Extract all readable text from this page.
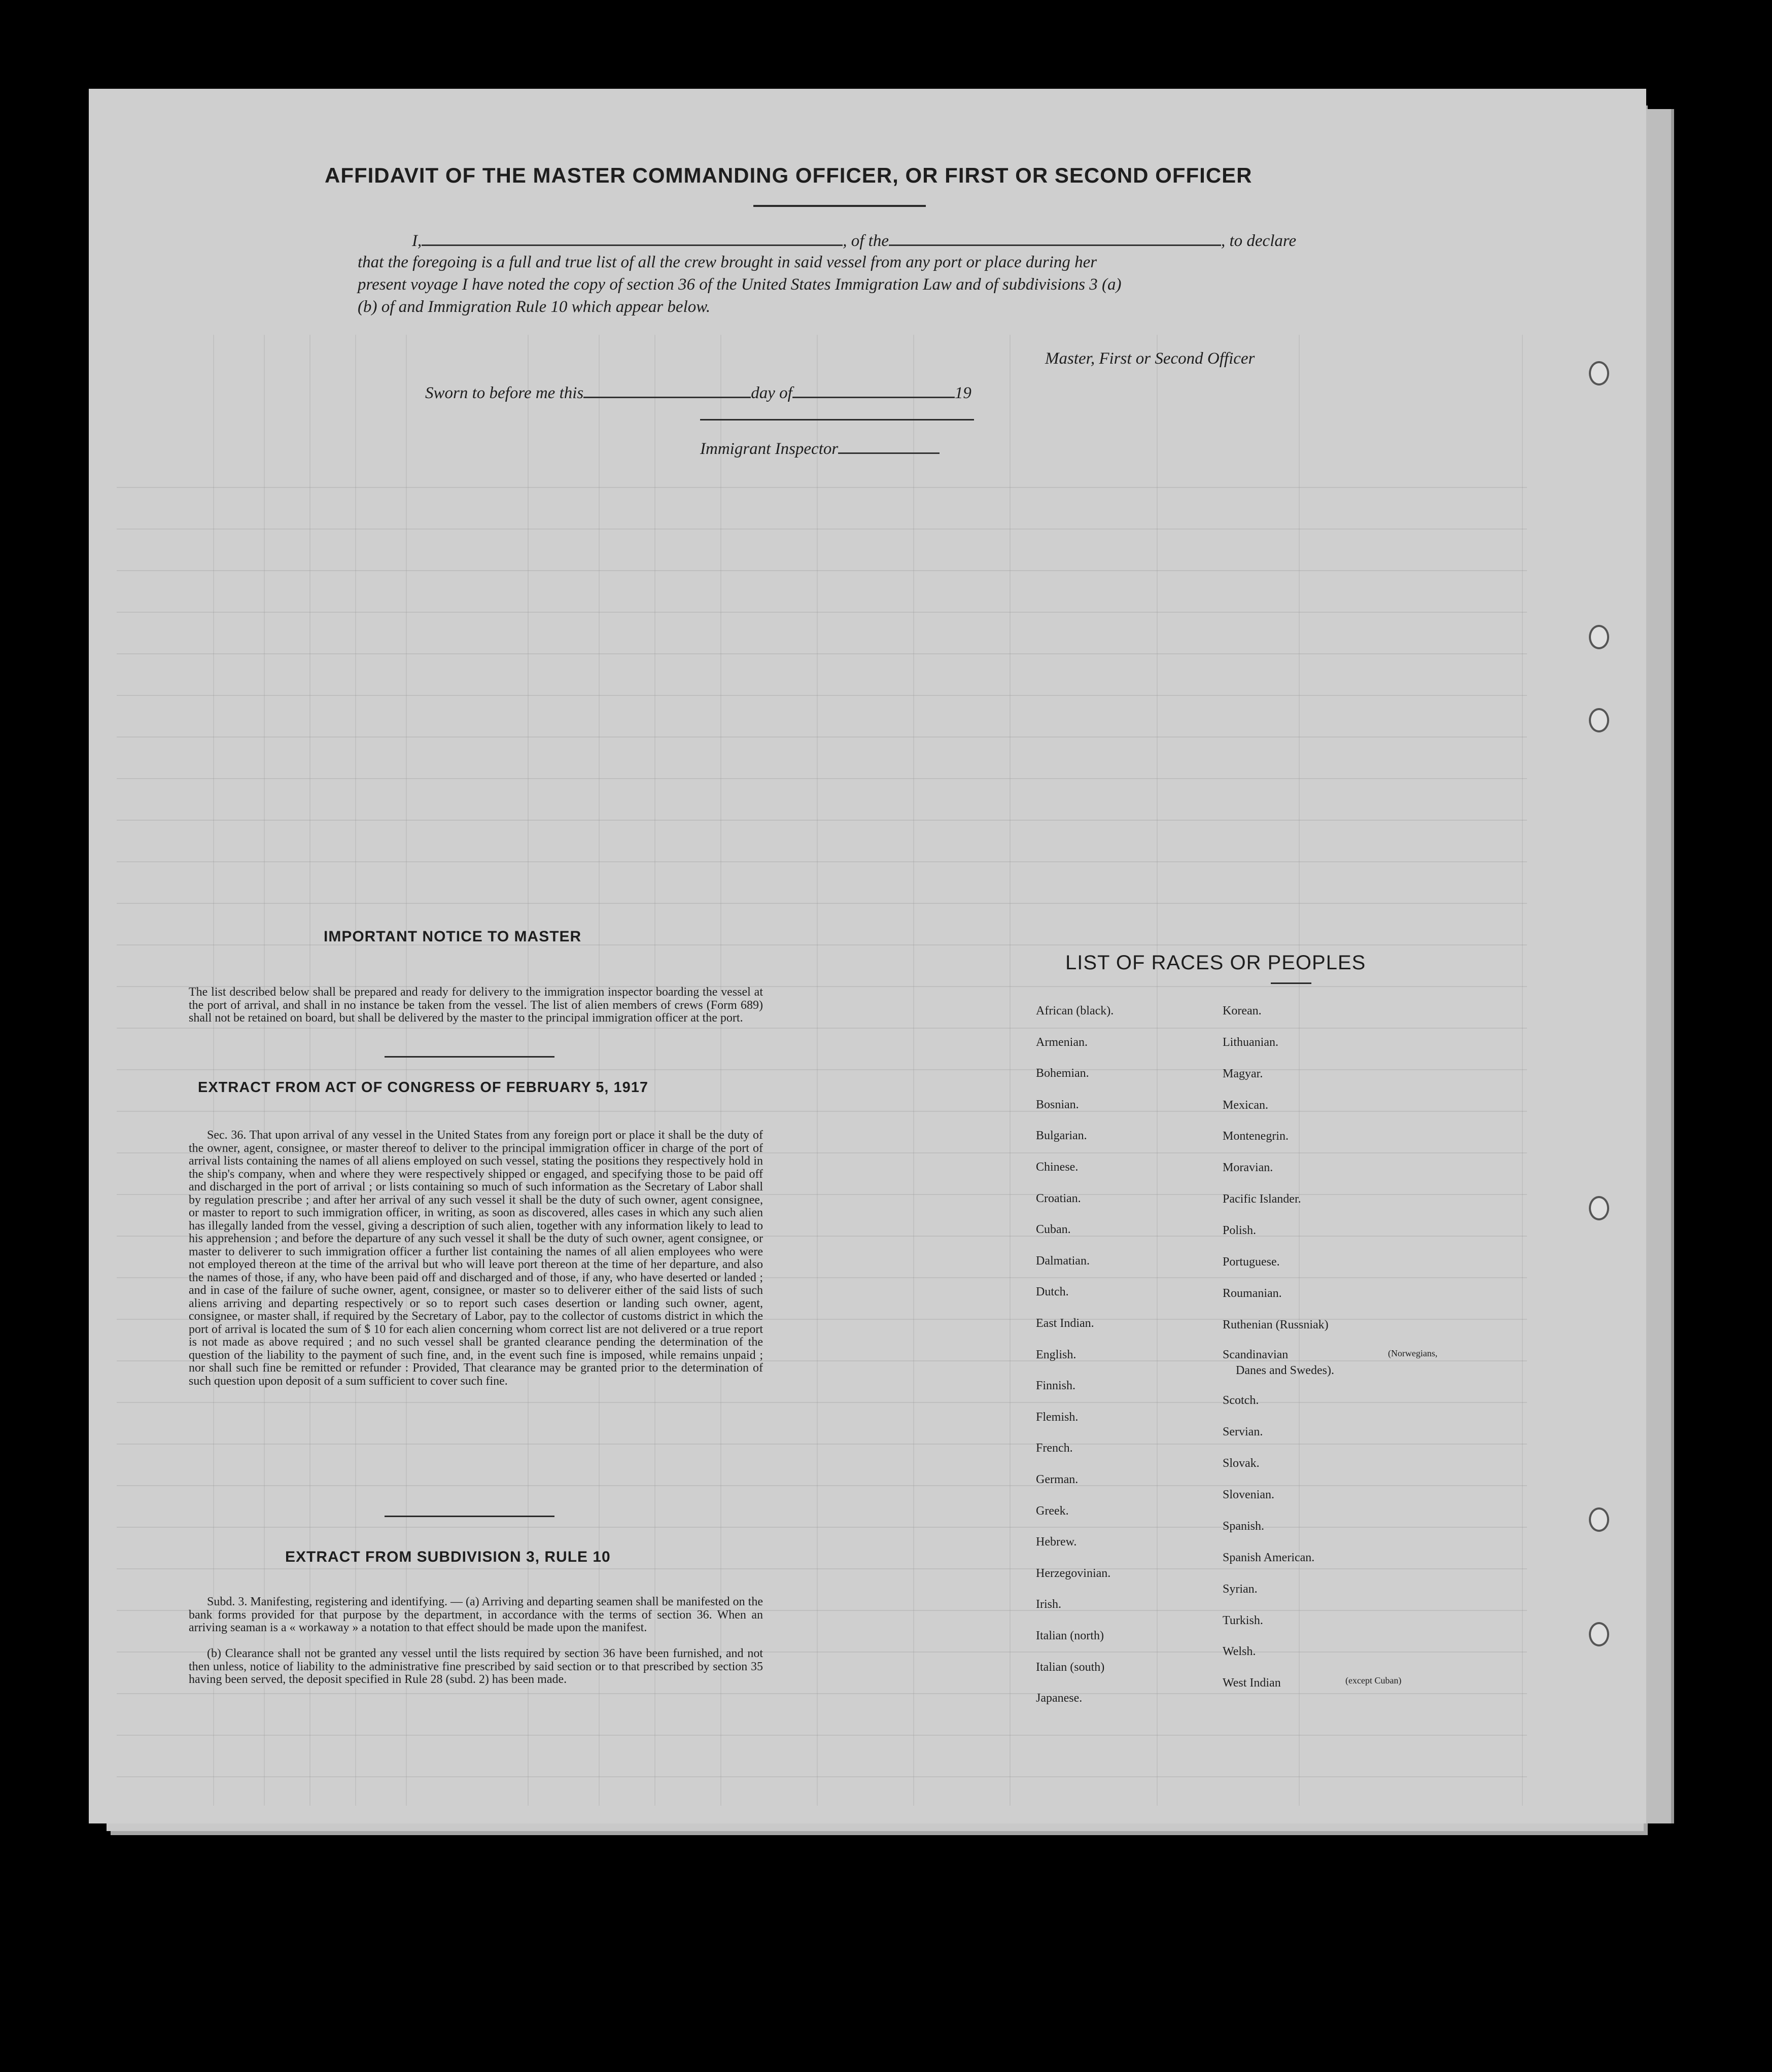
AFFIDAVIT OF THE MASTER COMMANDING OFFICER, OR FIRST OR SECOND OFFICER
I,	, of the	, to declare
that the foregoing is a full and true list of all the crew brought in said vessel from any port or place during her
present voyage I have noted the copy of section 36 of the United States Immigration Law and of subdivisions 3 (a)
(b) of and Immigration Rule 10 which appear below.
Master, First or Second Officer
Sworn to before me this	day of	19
Immigrant Inspector
IMPORTANT NOTICE TO MASTER
The list described below shall be prepared and ready for delivery to the immigration inspector boarding the vessel at the port of arrival, and shall in no instance be taken from the vessel. The list of alien members of crews (Form 689) shall not be retained on board, but shall be delivered by the master to the principal immigration officer at the port.
EXTRACT FROM ACT OF CONGRESS OF FEBRUARY 5, 1917
Sec. 36. That upon arrival of any vessel in the United States from any foreign port or place it shall be the duty of the owner, agent, consignee, or master thereof to deliver to the principal immigration officer in charge of the port of arrival lists containing the names of all aliens employed on such vessel, stating the positions they respectively hold in the ship's company, when and where they were respectively shipped or engaged, and specifying those to be paid off and discharged in the port of arrival ; or lists containing so much of such information as the Secretary of Labor shall by regulation prescribe ; and after her arrival of any such vessel it shall be the duty of such owner, agent consignee, or master to report to such immigration officer, in writing, as soon as discovered, alles cases in which any such alien has illegally landed from the vessel, giving a description of such alien, together with any information likely to lead to his apprehension ; and before the departure of any such vessel it shall be the duty of such owner, agent consignee, or master to deliverer to such immigration officer a further list containing the names of all alien employees who were not employed thereon at the time of the arrival but who will leave port thereon at the time of her departure, and also the names of those, if any, who have been paid off and discharged and of those, if any, who have deserted or landed ; and in case of the failure of suche owner, agent, consignee, or master so to deliverer either of the said lists of such aliens arriving and departing respectively or so to report such cases desertion or landing such owner, agent, consignee, or master shall, if required by the Secretary of Labor, pay to the collector of customs district in which the port of arrival is located the sum of $ 10 for each alien concerning whom correct list are not delivered or a true report is not made as above required ; and no such vessel shall be granted clearance pending the determination of the question of the liability to the payment of such fine, and, in the event such fine is imposed, while remains unpaid ; nor shall such fine be remitted or refunder : Provided, That clearance may be granted prior to the determination of such question upon deposit of a sum sufficient to cover such fine.
EXTRACT FROM SUBDIVISION 3, RULE 10
Subd. 3. Manifesting, registering and identifying. — (a) Arriving and departing seamen shall be manifested on the bank forms provided for that purpose by the department, in accordance with the terms of section 36. When an arriving seaman is a « workaway » a notation to that effect should be made upon the manifest.
(b) Clearance shall not be granted any vessel until the lists required by section 36 have been furnished, and not then unless, notice of liability to the administrative fine prescribed by said section or to that prescribed by section 35 having been served, the deposit specified in Rule 28 (subd. 2) has been made.
LIST OF RACES OR PEOPLES
African (black).
Armenian.
Bohemian.
Bosnian.
Bulgarian.
Chinese.
Croatian.
Cuban.
Dalmatian.
Dutch.
East Indian.
English.
Finnish.
Flemish.
French.
German.
Greek.
Hebrew.
Herzegovinian.
Irish.
Italian (north)
Italian (south)
Japanese.
Korean.
Lithuanian.
Magyar.
Mexican.
Montenegrin.
Moravian.
Pacific Islander.
Polish.
Portuguese.
Roumanian.
Ruthenian (Russniak)
Scandinavian
Scotch.
Servian.
Slovak.
Slovenian.
Spanish.
Spanish American.
Syrian.
Turkish.
Welsh.
West Indian
(Norwegians,
Danes and Swedes).
(except Cuban)
